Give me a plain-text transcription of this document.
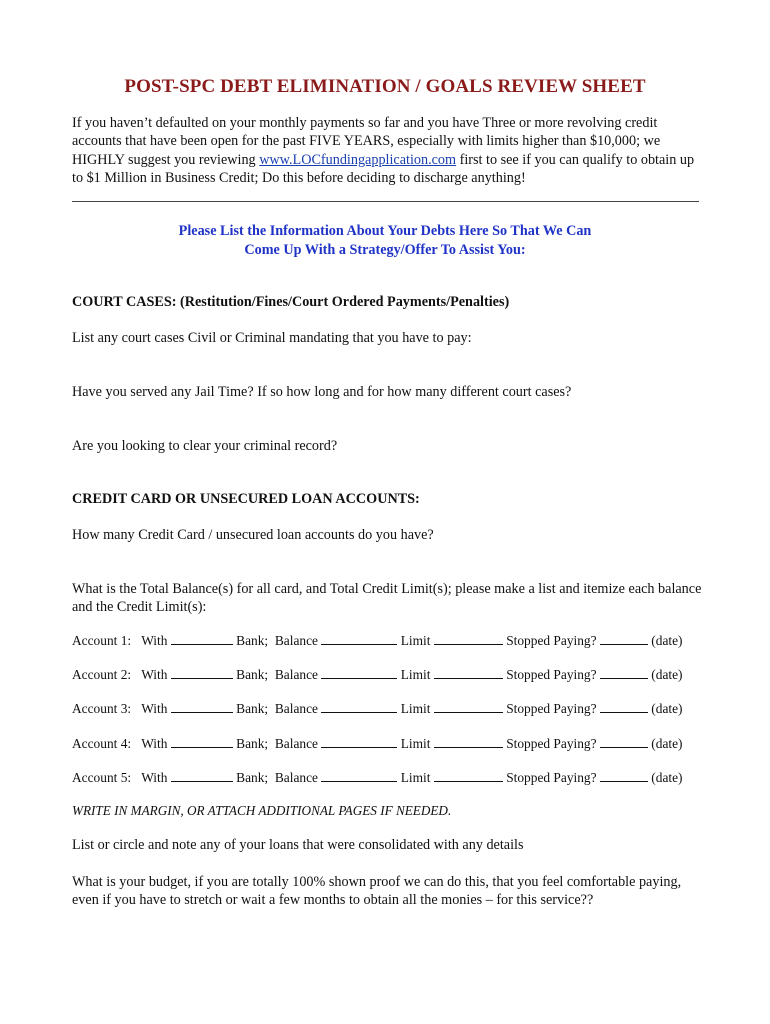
POST-SPC DEBT ELIMINATION / GOALS REVIEW SHEET
If you haven’t defaulted on your monthly payments so far and you have Three or more revolving credit accounts that have been open for the past FIVE YEARS, especially with limits higher than $10,000; we HIGHLY suggest you reviewing www.LOCfundingapplication.com first to see if you can qualify to obtain up to $1 Million in Business Credit; Do this before deciding to discharge anything!
Please List the Information About Your Debts Here So That We Can
Come Up With a Strategy/Offer To Assist You:
COURT CASES: (Restitution/Fines/Court Ordered Payments/Penalties)
List any court cases Civil or Criminal mandating that you have to pay:
Have you served any Jail Time? If so how long and for how many different court cases?
Are you looking to clear your criminal record?
CREDIT CARD OR UNSECURED LOAN ACCOUNTS:
How many Credit Card / unsecured loan accounts do you have?
What is the Total Balance(s) for all card, and Total Credit Limit(s); please make a list and itemize each balance and the Credit Limit(s):
Account 1: With	Bank; Balance	Limit	Stopped Paying?	(date)
Account 2: With	Bank; Balance	Limit	Stopped Paying?	(date)
Account 3: With	Bank; Balance	Limit	Stopped Paying?	(date)
Account 4: With	Bank; Balance	Limit	Stopped Paying?	(date)
Account 5: With	Bank; Balance	Limit	Stopped Paying?	(date)
WRITE IN MARGIN, OR ATTACH ADDITIONAL PAGES IF NEEDED.
List or circle and note any of your loans that were consolidated with any details
What is your budget, if you are totally 100% shown proof we can do this, that you feel comfortable paying, even if you have to stretch or wait a few months to obtain all the monies – for this service??
